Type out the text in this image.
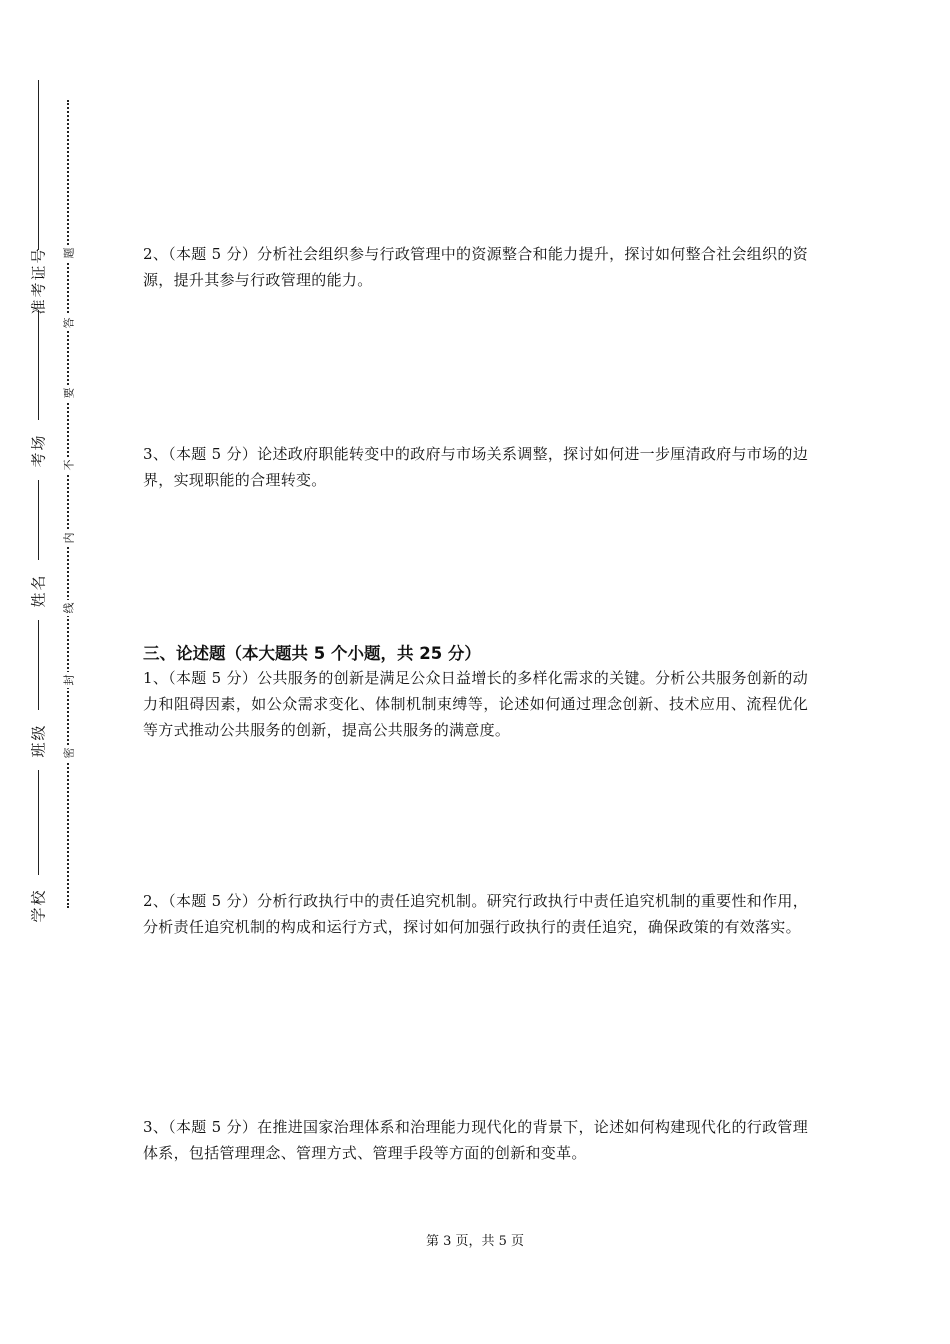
准考证号
考场
姓名
班级
学校
题
答
要
不
内
线
封
密
2、（本题 5 分）分析社会组织参与行政管理中的资源整合和能力提升，探讨如何整合社会组织的资源，提升其参与行政管理的能力。
3、（本题 5 分）论述政府职能转变中的政府与市场关系调整，探讨如何进一步厘清政府与市场的边界，实现职能的合理转变。
三、论述题（本大题共 5 个小题，共 25 分）
1、（本题 5 分）公共服务的创新是满足公众日益增长的多样化需求的关键。分析公共服务创新的动力和阻碍因素，如公众需求变化、体制机制束缚等，论述如何通过理念创新、技术应用、流程优化等方式推动公共服务的创新，提高公共服务的满意度。
2、（本题 5 分）分析行政执行中的责任追究机制。研究行政执行中责任追究机制的重要性和作用，分析责任追究机制的构成和运行方式，探讨如何加强行政执行的责任追究，确保政策的有效落实。
3、（本题 5 分）在推进国家治理体系和治理能力现代化的背景下，论述如何构建现代化的行政管理体系，包括管理理念、管理方式、管理手段等方面的创新和变革。
第 3 页，共 5 页
